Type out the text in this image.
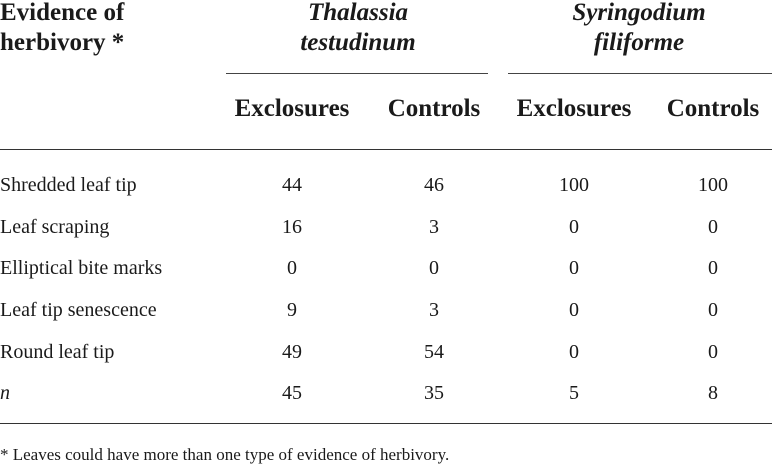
Evidence of
herbivory *
Thalassia
testudinum
Syringodium
filiforme
Exclosures	Controls	Exclosures	Controls
Shredded leaf tip	44	46	100	100
Leaf scraping	16	3	0	0
Elliptical bite marks	0	0	0	0
Leaf tip senescence	9	3	0	0
Round leaf tip	49	54	0	0
n	45	35	5	8
* Leaves could have more than one type of evidence of herbivory.
